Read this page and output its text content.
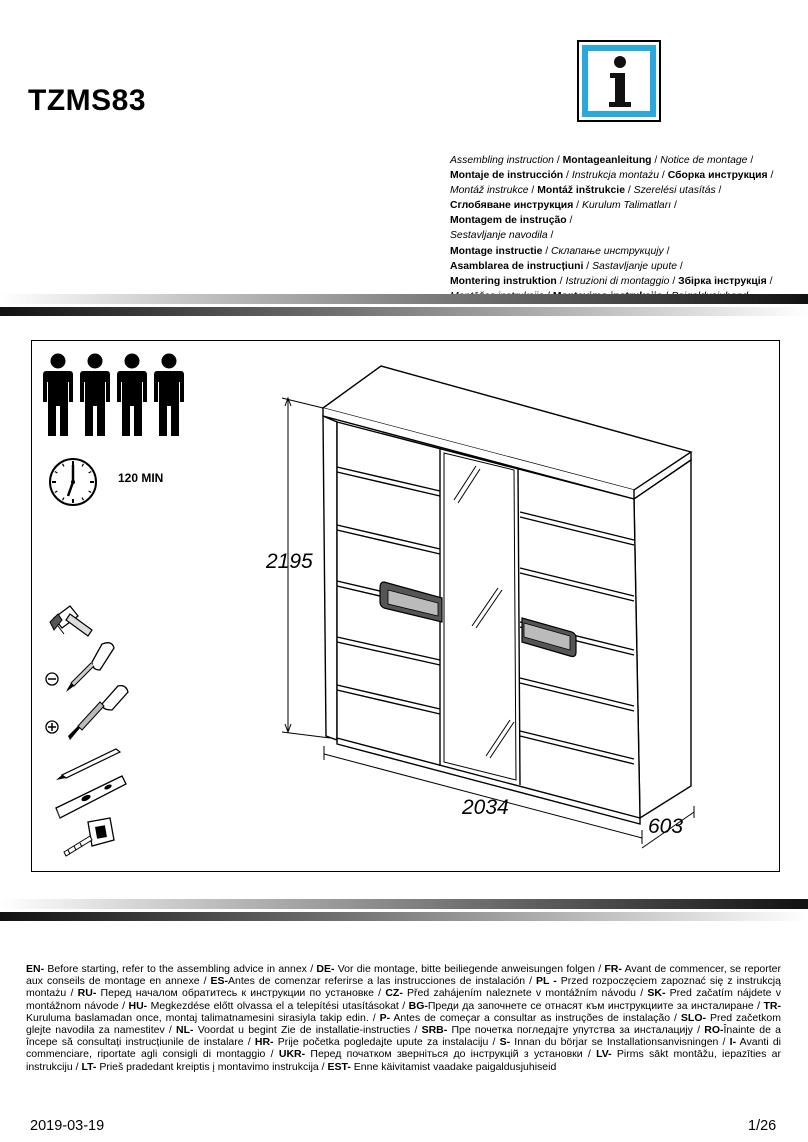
TZMS83
Assembling instruction / Montageanleitung / Notice de montage /
Montaje de instrucción / Instrukcja montażu / Сборка инструкция /
Montáž instrukce / Montáž inštrukcie / Szerelési utasítás /
Сглобяване инструкция / Kurulum Talimatları /
Montagem de instrução /
Sestavljanje navodila /
Montage instructie / Склапање инструкцију /
Asamblarea de instrucțiuni / Sastavljanje upute /
Montering instruktion / Istruzioni di montaggio / Збірка інструкція /
120 MIN
⊖
⊕
2195
2034
603
EN- Before starting, refer to the assembling advice in annex / DE- Vor die montage, bitte beiliegende anweisungen folgen / FR- Avant de commencer, se reporter aux conseils de montage en annexe / ES-Antes de comenzar referirse a las instrucciones de instalación / PL - Przed rozpoczęciem zapoznać się z instrukcją montażu / RU- Перед началом обратитесь к инструкции по установке / CZ- Před zahájením naleznete v montážním návodu / SK- Pred začatím nájdete v montážnom návode / HU- Megkezdése előtt olvassa el a telepítési utasításokat / BG-Преди да започнете се отнасят към инструкциите за инсталиране / TR- Kuruluma baslamadan once, montaj talimatnamesini sirasiyla takip edin. / P- Antes de começar a consultar as instruções de instalação / SLO- Pred začetkom glejte navodila za namestitev / NL- Voordat u begint Zie de installatie-instructies / SRB- Пре почетка погледајте упутства за инсталацију / RO-Înainte de a începe să consultați instrucțiunile de instalare / HR- Prije početka pogledajte upute za instalaciju / S- Innan du börjar se Installationsanvisningen / I- Avanti di commenciare, riportate agli consigli di montaggio / UKR- Перед початком зверніться до інструкцій з установки / LV- Pirms sākt montāžu, iepazīties ar instrukciju / LT- Prieš pradedant kreiptis į montavimo instrukcija / EST- Enne käivitamist vaadake paigaldusjuhiseid
2019-03-19	1/26
